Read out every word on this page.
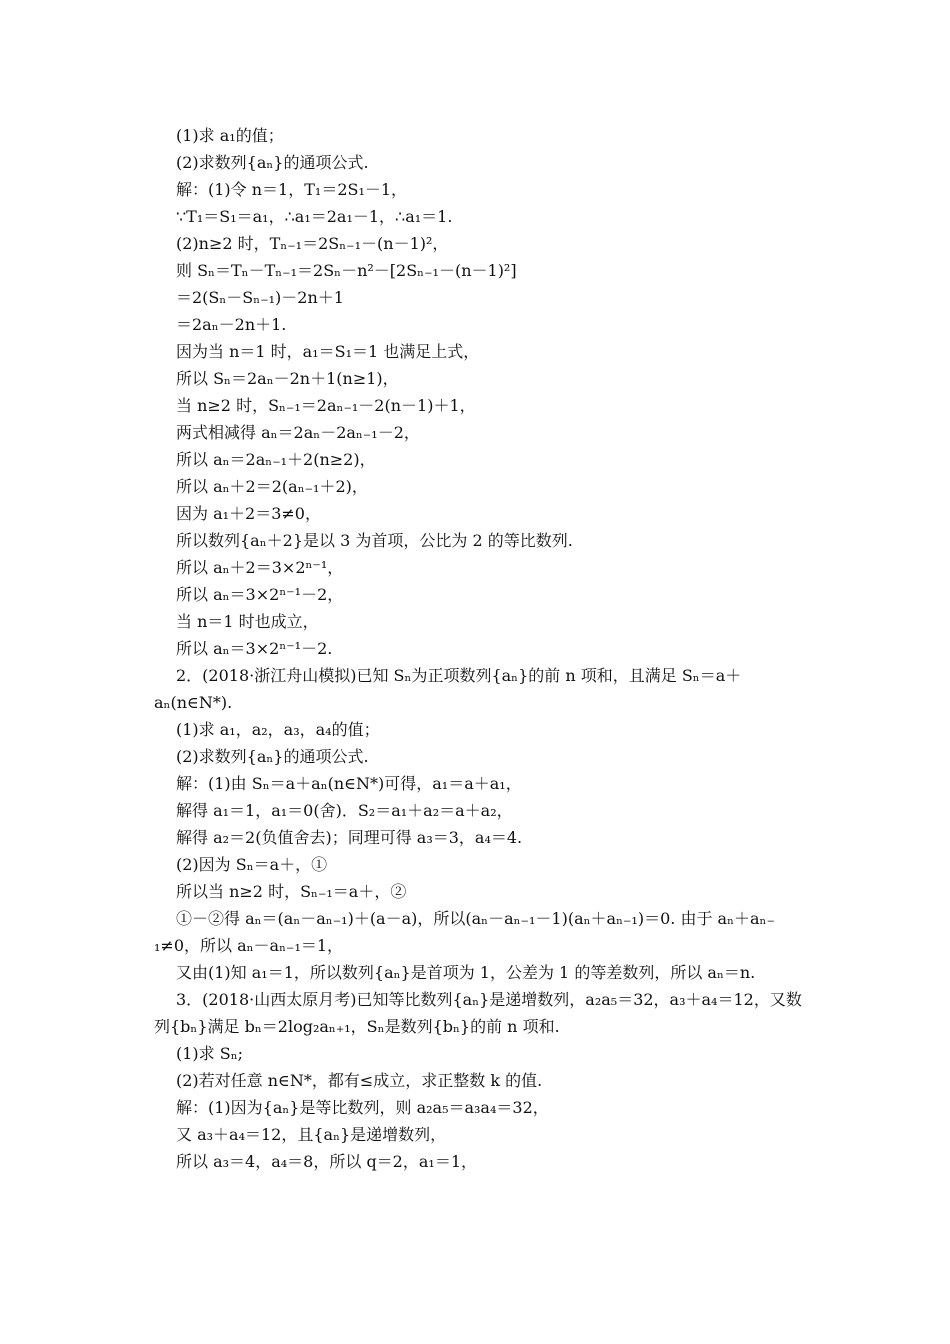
(1)求 a₁的值；
(2)求数列{aₙ}的通项公式.
解：(1)令 n＝1，T₁＝2S₁－1，
∵T₁＝S₁＝a₁，∴a₁＝2a₁－1，∴a₁＝1.
(2)n≥2 时，Tₙ₋₁＝2Sₙ₋₁－(n－1)²，
则 Sₙ＝Tₙ－Tₙ₋₁＝2Sₙ－n²－[2Sₙ₋₁－(n－1)²]
＝2(Sₙ－Sₙ₋₁)－2n＋1
＝2aₙ－2n＋1.
因为当 n＝1 时，a₁＝S₁＝1 也满足上式，
所以 Sₙ＝2aₙ－2n＋1(n≥1)，
当 n≥2 时，Sₙ₋₁＝2aₙ₋₁－2(n－1)＋1，
两式相减得 aₙ＝2aₙ－2aₙ₋₁－2，
所以 aₙ＝2aₙ₋₁＋2(n≥2)，
所以 aₙ＋2＝2(aₙ₋₁＋2)，
因为 a₁＋2＝3≠0，
所以数列{aₙ＋2}是以 3 为首项，公比为 2 的等比数列.
所以 aₙ＋2＝3×2ⁿ⁻¹，
所以 aₙ＝3×2ⁿ⁻¹－2，
当 n＝1 时也成立，
所以 aₙ＝3×2ⁿ⁻¹－2.
2．(2018·浙江舟山模拟)已知 Sₙ为正项数列{aₙ}的前 n 项和，且满足 Sₙ＝a＋
aₙ(n∈N*).
(1)求 a₁，a₂，a₃，a₄的值；
(2)求数列{aₙ}的通项公式.
解：(1)由 Sₙ＝a＋aₙ(n∈N*)可得，a₁＝a＋a₁，
解得 a₁＝1，a₁＝0(舍)．S₂＝a₁＋a₂＝a＋a₂，
解得 a₂＝2(负值舍去)；同理可得 a₃＝3，a₄＝4.
(2)因为 Sₙ＝a＋，①
所以当 n≥2 时，Sₙ₋₁＝a＋，②
①－②得 aₙ＝(aₙ－aₙ₋₁)＋(a－a)，所以(aₙ－aₙ₋₁－1)(aₙ＋aₙ₋₁)＝0. 由于 aₙ＋aₙ₋
₁≠0，所以 aₙ－aₙ₋₁＝1，
又由(1)知 a₁＝1，所以数列{aₙ}是首项为 1，公差为 1 的等差数列，所以 aₙ＝n.
3．(2018·山西太原月考)已知等比数列{aₙ}是递增数列，a₂a₅＝32，a₃＋a₄＝12，又数
列{bₙ}满足 bₙ＝2log₂aₙ₊₁，Sₙ是数列{bₙ}的前 n 项和.
(1)求 Sₙ;
(2)若对任意 n∈N*，都有≤成立，求正整数 k 的值.
解：(1)因为{aₙ}是等比数列，则 a₂a₅＝a₃a₄＝32，
又 a₃＋a₄＝12，且{aₙ}是递增数列，
所以 a₃＝4，a₄＝8，所以 q＝2，a₁＝1，
